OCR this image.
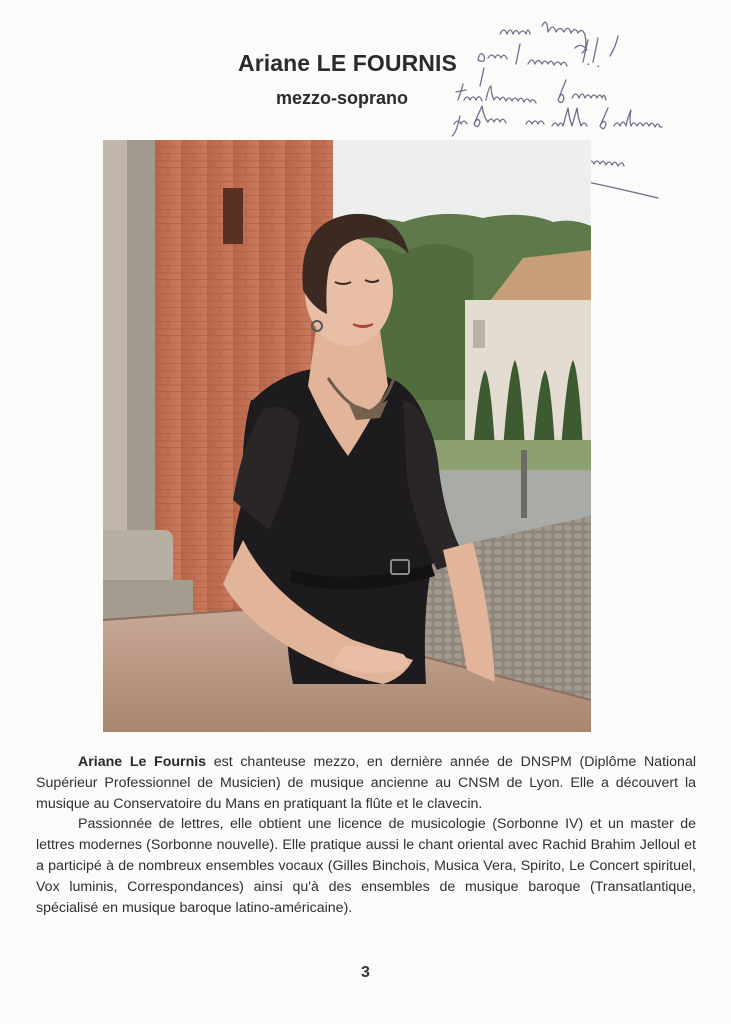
Ariane LE FOURNIS
mezzo-soprano

Ariane Le Fournis est chanteuse mezzo, en dernière année de DNSPM (Diplôme National Supérieur Professionnel de Musicien) de musique ancienne au CNSM de Lyon. Elle a découvert la musique au Conservatoire du Mans en pratiquant la flûte et le clavecin.

Passionnée de lettres, elle obtient une licence de musicologie (Sorbonne IV) et un master de lettres modernes (Sorbonne nouvelle). Elle pratique aussi le chant oriental avec Rachid Brahim Jelloul et a participé à de nombreux ensembles vocaux (Gilles Binchois, Musica Vera, Spirito, Le Concert spirituel, Vox luminis, Correspondances) ainsi qu'à des ensembles de musique baroque (Transatlantique, spécialisé en musique baroque latino-américaine).

3
